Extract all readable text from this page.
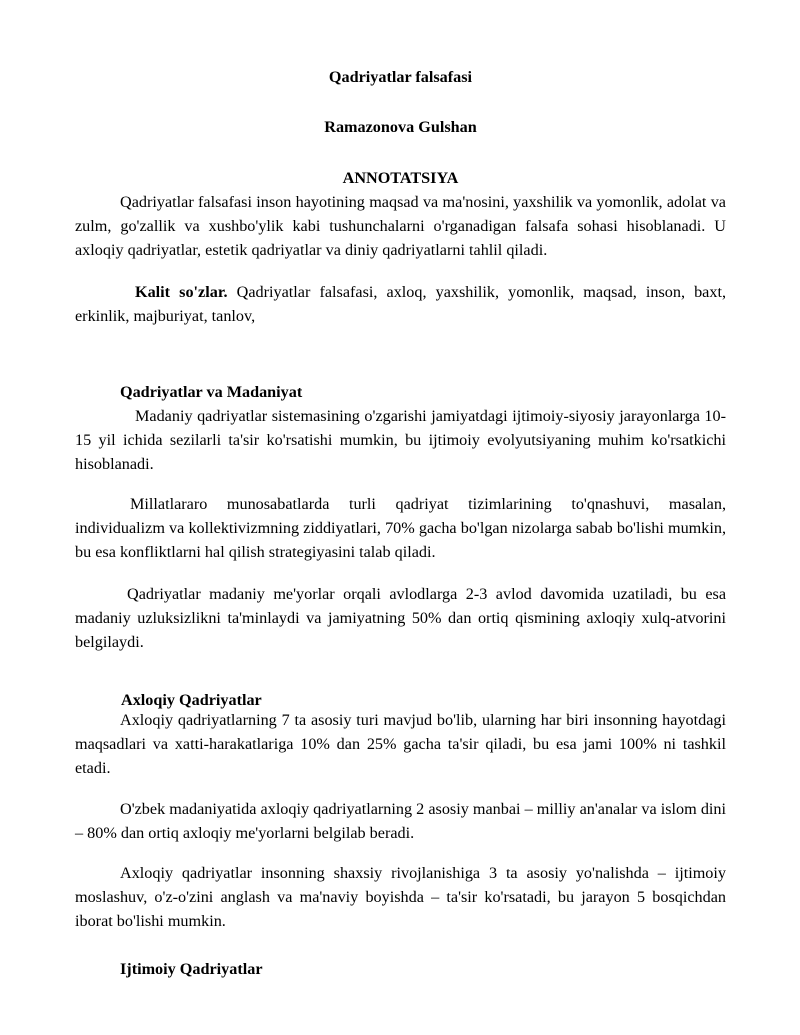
Qadriyatlar falsafasi
Ramazonova Gulshan
ANNOTATSIYA

Qadriyatlar falsafasi inson hayotining maqsad va ma'nosini, yaxshilik va yomonlik, adolat va zulm, go'zallik va xushbo'ylik kabi tushunchalarni o'rganadigan falsafa sohasi hisoblanadi. U axloqiy qadriyatlar, estetik qadriyatlar va diniy qadriyatlarni tahlil qiladi.

Kalit so'zlar. Qadriyatlar falsafasi, axloq, yaxshilik, yomonlik, maqsad, inson, baxt, erkinlik, majburiyat, tanlov,

Qadriyatlar va Madaniyat

Madaniy qadriyatlar sistemasining o'zgarishi jamiyatdagi ijtimoiy-siyosiy jarayonlarga 10-15 yil ichida sezilarli ta'sir ko'rsatishi mumkin, bu ijtimoiy evolyutsiyaning muhim ko'rsatkichi hisoblanadi.

Millatlararo munosabatlarda turli qadriyat tizimlarining to'qnashuvi, masalan, individualizm va kollektivizmning ziddiyatlari, 70% gacha bo'lgan nizolarga sabab bo'lishi mumkin, bu esa konfliktlarni hal qilish strategiyasini talab qiladi.

Qadriyatlar madaniy me'yorlar orqali avlodlarga 2-3 avlod davomida uzatiladi, bu esa madaniy uzluksizlikni ta'minlaydi va jamiyatning 50% dan ortiq qismining axloqiy xulq-atvorini belgilaydi.

Axloqiy Qadriyatlar

Axloqiy qadriyatlarning 7 ta asosiy turi mavjud bo'lib, ularning har biri insonning hayotdagi maqsadlari va xatti-harakatlariga 10% dan 25% gacha ta'sir qiladi, bu esa jami 100% ni tashkil etadi.

O'zbek madaniyatida axloqiy qadriyatlarning 2 asosiy manbai – milliy an'analar va islom dini – 80% dan ortiq axloqiy me'yorlarni belgilab beradi.

Axloqiy qadriyatlar insonning shaxsiy rivojlanishiga 3 ta asosiy yo'nalishda – ijtimoiy moslashuv, o'z-o'zini anglash va ma'naviy boyishda – ta'sir ko'rsatadi, bu jarayon 5 bosqichdan iborat bo'lishi mumkin.

Ijtimoiy Qadriyatlar
